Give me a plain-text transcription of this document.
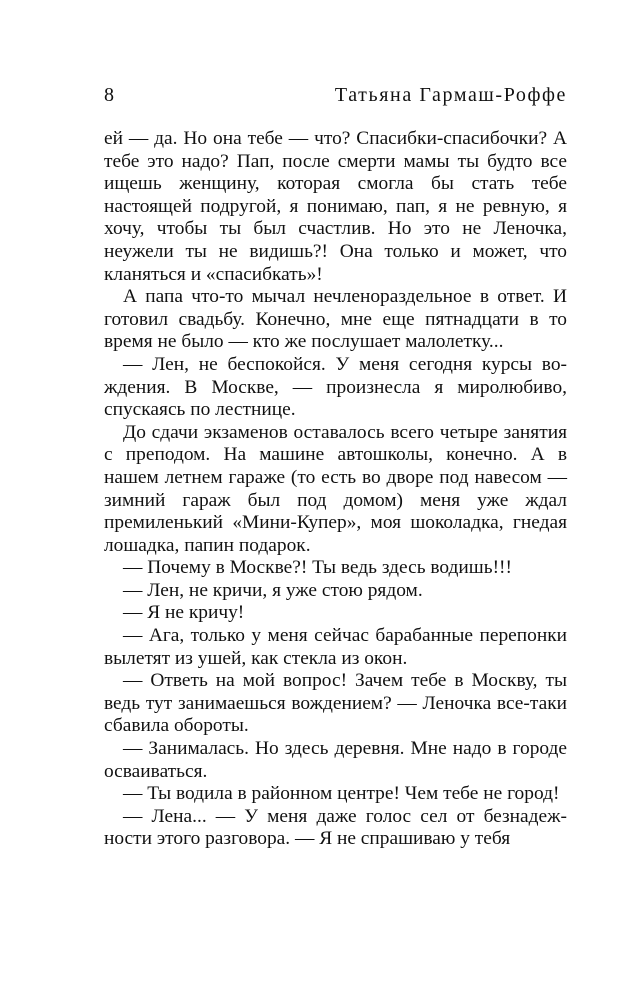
8	Татьяна Гармаш-Роффе

ей — да. Но она тебе — что? Спасибки-спасибочки? А тебе это надо? Пап, после смерти мамы ты будто все ищешь женщину, которая смогла бы стать тебе настоящей подругой, я понимаю, пап, я не ревную, я хочу, чтобы ты был счастлив. Но это не Леночка, неужели ты не видишь?! Она только и может, что кланяться и «спасибкать»!

А папа что-то мычал нечленораздельное в ответ. И готовил свадьбу. Конечно, мне еще пятнадцати в то время не было — кто же послушает малолетку...

— Лен, не беспокойся. У меня сегодня курсы вождения. В Москве, — произнесла я миролюбиво, спускаясь по лестнице.

До сдачи экзаменов оставалось всего четыре занятия с преподом. На машине автошколы, конечно. А в нашем летнем гараже (то есть во дворе под навесом — зимний гараж был под домом) меня уже ждал премиленький «Мини-Купер», моя шоколадка, гнедая лошадка, папин подарок.

— Почему в Москве?! Ты ведь здесь водишь!!!

— Лен, не кричи, я уже стою рядом.

— Я не кричу!

— Ага, только у меня сейчас барабанные перепонки вылетят из ушей, как стекла из окон.

— Ответь на мой вопрос! Зачем тебе в Москву, ты ведь тут занимаешься вождением? — Леночка все-таки сбавила обороты.

— Занималась. Но здесь деревня. Мне надо в городе осваиваться.

— Ты водила в районном центре! Чем тебе не город!

— Лена... — У меня даже голос сел от безнадежности этого разговора. — Я не спрашиваю у тебя
